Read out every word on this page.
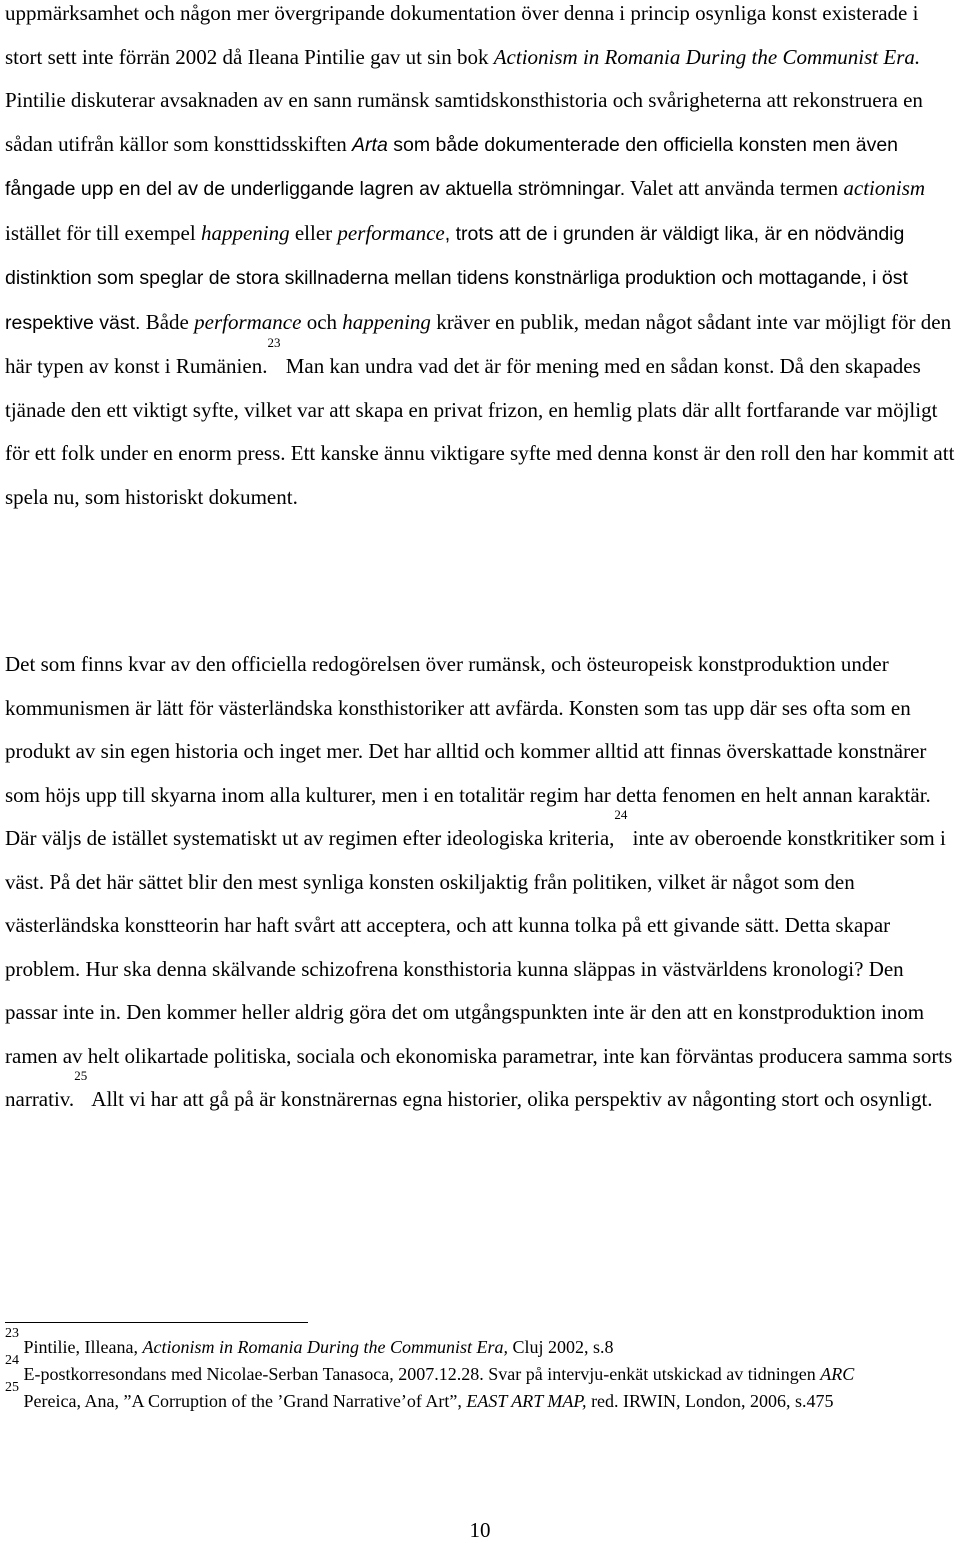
uppmärksamhet och någon mer övergripande dokumentation över denna i princip osynliga konst existerade i stort sett inte förrän 2002 då Ileana Pintilie gav ut sin bok Actionism in Romania During the Communist Era. Pintilie diskuterar avsaknaden av en sann rumänsk samtidskonsthistoria och svårigheterna att rekonstruera en sådan utifrån källor som konsttidsskiften Arta som både dokumenterade den officiella konsten men även fångade upp en del av de underliggande lagren av aktuella strömningar. Valet att använda termen actionism istället för till exempel happening eller performance, trots att de i grunden är väldigt lika, är en nödvändig distinktion som speglar de stora skillnaderna mellan tidens konstnärliga produktion och mottagande, i öst respektive väst. Både performance och happening kräver en publik, medan något sådant inte var möjligt för den här typen av konst i Rumänien.$^{23}$ Man kan undra vad det är för mening med en sådan konst. Då den skapades tjänade den ett viktigt syfte, vilket var att skapa en privat frizon, en hemlig plats där allt fortfarande var möjligt för ett folk under en enorm press. Ett kanske ännu viktigare syfte med denna konst är den roll den har kommit att spela nu, som historiskt dokument.

Det som finns kvar av den officiella redogörelsen över rumänsk, och östeuropeisk konstproduktion under kommunismen är lätt för västerländska konsthistoriker att avfärda. Konsten som tas upp där ses ofta som en produkt av sin egen historia och inget mer. Det har alltid och kommer alltid att finnas överskattade konstnärer som höjs upp till skyarna inom alla kulturer, men i en totalitär regim har detta fenomen en helt annan karaktär. Där väljs de istället systematiskt ut av regimen efter ideologiska kriteria,$^{24}$ inte av oberoende konstkritiker som i väst. På det här sättet blir den mest synliga konsten oskiljaktig från politiken, vilket är något som den västerländska konstteorin har haft svårt att acceptera, och att kunna tolka på ett givande sätt. Detta skapar problem. Hur ska denna skälvande schizofrena konsthistoria kunna släppas in västvärldens kronologi? Den passar inte in. Den kommer heller aldrig göra det om utgångspunkten inte är den att en konstproduktion inom ramen av helt olikartade politiska, sociala och ekonomiska parametrar, inte kan förväntas producera samma sorts narrativ.$^{25}$ Allt vi har att gå på är konstnärernas egna historier, olika perspektiv av någonting stort och osynligt.

$^{23}$ Pintilie, Illeana, Actionism in Romania During the Communist Era, Cluj 2002, s.8

$^{24}$ E-postkorresondans med Nicolae-Serban Tanasoca, 2007.12.28. Svar på intervju-enkät utskickad av tidningen ARC

$^{25}$ Pereica, Ana, ”A Corruption of the ’Grand Narrative’of Art”, EAST ART MAP, red. IRWIN, London, 2006, s.475

10
